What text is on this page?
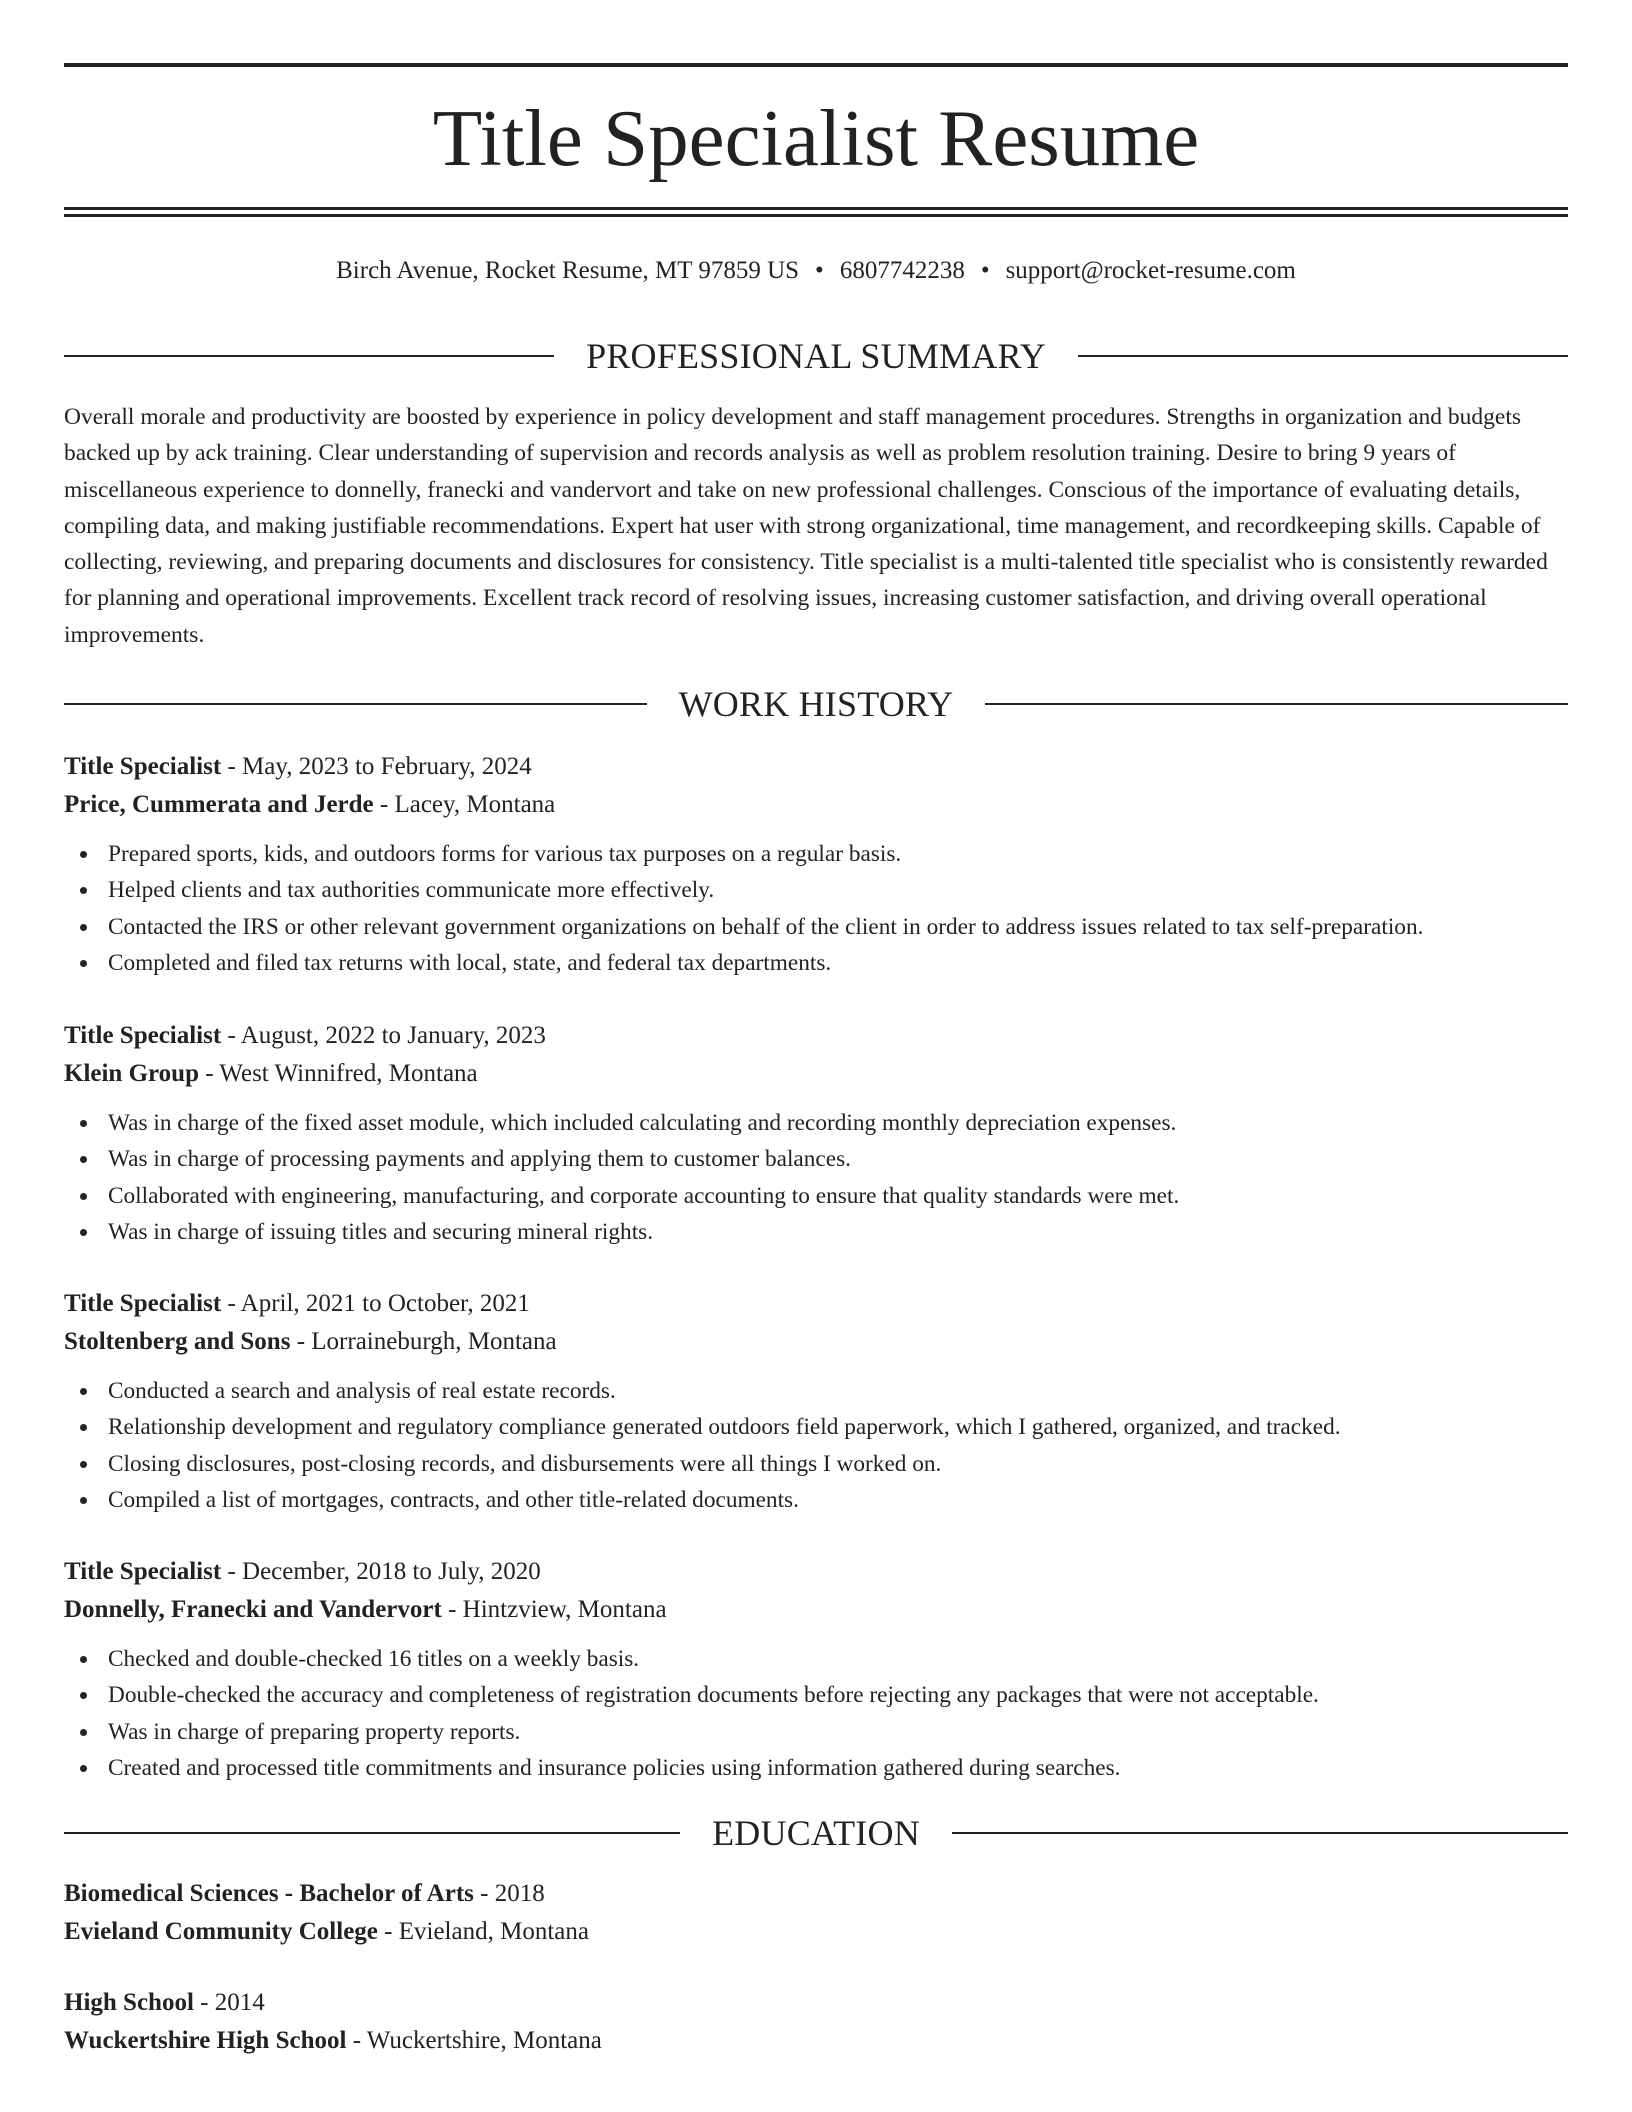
Title Specialist Resume
Birch Avenue, Rocket Resume, MT 97859 US • 6807742238 • support@rocket-resume.com
PROFESSIONAL SUMMARY

Overall morale and productivity are boosted by experience in policy development and staff management procedures. Strengths in organization and budgets backed up by ack training. Clear understanding of supervision and records analysis as well as problem resolution training. Desire to bring 9 years of miscellaneous experience to donnelly, franecki and vandervort and take on new professional challenges. Conscious of the importance of evaluating details, compiling data, and making justifiable recommendations. Expert hat user with strong organizational, time management, and recordkeeping skills. Capable of collecting, reviewing, and preparing documents and disclosures for consistency. Title specialist is a multi-talented title specialist who is consistently rewarded for planning and operational improvements. Excellent track record of resolving issues, increasing customer satisfaction, and driving overall operational improvements.

WORK HISTORY
Title Specialist - May, 2023 to February, 2024
Price, Cummerata and Jerde - Lacey, Montana
Prepared sports, kids, and outdoors forms for various tax purposes on a regular basis.
Helped clients and tax authorities communicate more effectively.
Contacted the IRS or other relevant government organizations on behalf of the client in order to address issues related to tax self-preparation.
Completed and filed tax returns with local, state, and federal tax departments.
Title Specialist - August, 2022 to January, 2023
Klein Group - West Winnifred, Montana
Was in charge of the fixed asset module, which included calculating and recording monthly depreciation expenses.
Was in charge of processing payments and applying them to customer balances.
Collaborated with engineering, manufacturing, and corporate accounting to ensure that quality standards were met.
Was in charge of issuing titles and securing mineral rights.
Title Specialist - April, 2021 to October, 2021
Stoltenberg and Sons - Lorraineburgh, Montana
Conducted a search and analysis of real estate records.
Relationship development and regulatory compliance generated outdoors field paperwork, which I gathered, organized, and tracked.
Closing disclosures, post-closing records, and disbursements were all things I worked on.
Compiled a list of mortgages, contracts, and other title-related documents.
Title Specialist - December, 2018 to July, 2020
Donnelly, Franecki and Vandervort - Hintzview, Montana
Checked and double-checked 16 titles on a weekly basis.
Double-checked the accuracy and completeness of registration documents before rejecting any packages that were not acceptable.
Was in charge of preparing property reports.
Created and processed title commitments and insurance policies using information gathered during searches.
EDUCATION
Biomedical Sciences - Bachelor of Arts - 2018
Evieland Community College - Evieland, Montana
High School - 2014
Wuckertshire High School - Wuckertshire, Montana
